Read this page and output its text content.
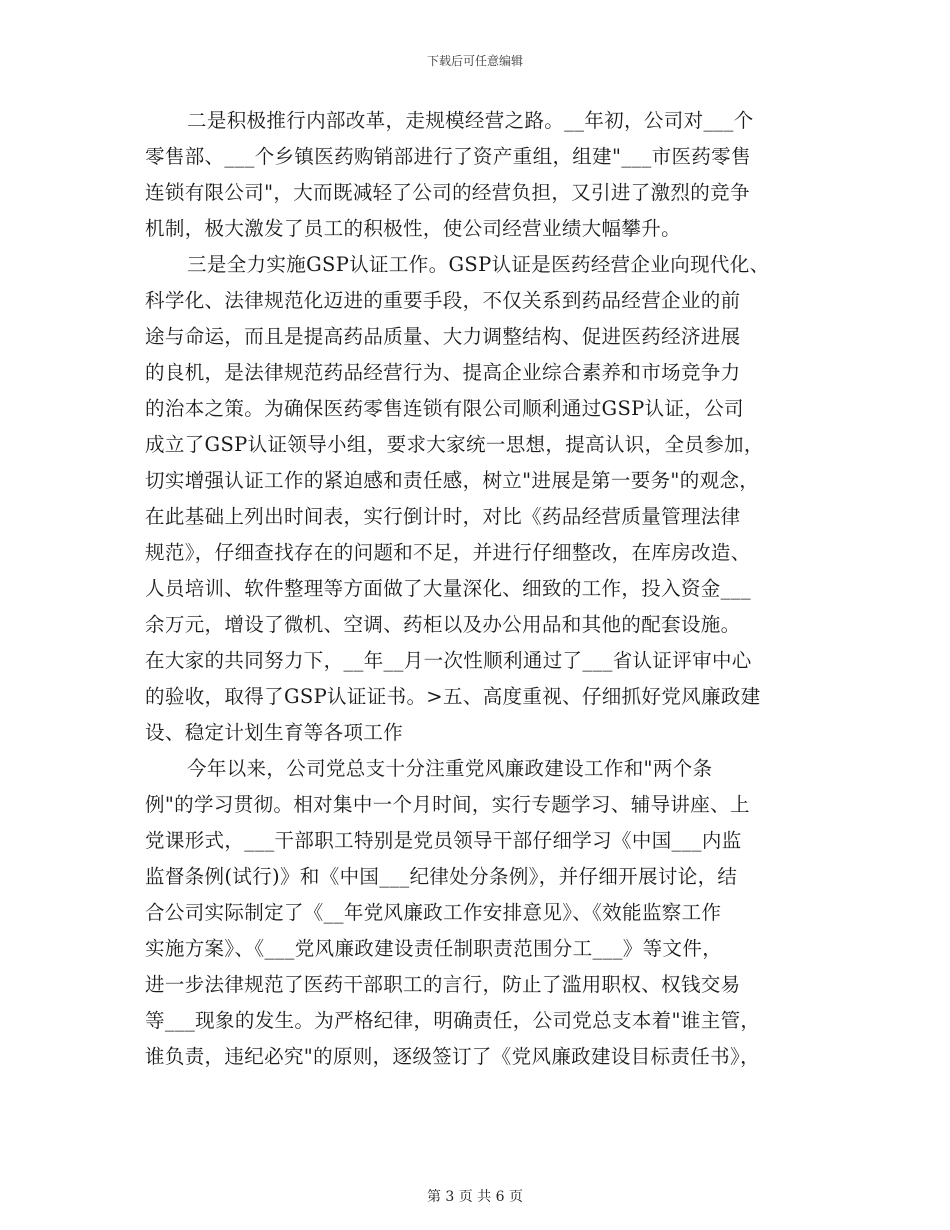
下载后可任意编辑
二是积极推行内部改革，走规模经营之路。__年初，公司对___个
零售部、___个乡镇医药购销部进行了资产重组，组建"___市医药零售
连锁有限公司"，大而既减轻了公司的经营负担，又引进了激烈的竞争
机制，极大激发了员工的积极性，使公司经营业绩大幅攀升。
三是全力实施GSP认证工作。GSP认证是医药经营企业向现代化、
科学化、法律规范化迈进的重要手段，不仅关系到药品经营企业的前
途与命运，而且是提高药品质量、大力调整结构、促进医药经济进展
的良机，是法律规范药品经营行为、提高企业综合素养和市场竞争力
的治本之策。为确保医药零售连锁有限公司顺利通过GSP认证，公司
成立了GSP认证领导小组，要求大家统一思想，提高认识，全员参加，
切实增强认证工作的紧迫感和责任感，树立"进展是第一要务"的观念，
在此基础上列出时间表，实行倒计时，对比《药品经营质量管理法律
规范》，仔细查找存在的问题和不足，并进行仔细整改，在库房改造、
人员培训、软件整理等方面做了大量深化、细致的工作，投入资金___
余万元，增设了微机、空调、药柜以及办公用品和其他的配套设施。
在大家的共同努力下，__年__月一次性顺利通过了___省认证评审中心
的验收，取得了GSP认证证书。>五、高度重视、仔细抓好党风廉政建
设、稳定计划生育等各项工作
今年以来，公司党总支十分注重党风廉政建设工作和"两个条
例"的学习贯彻。相对集中一个月时间，实行专题学习、辅导讲座、上
党课形式，___干部职工特别是党员领导干部仔细学习《中国___内监
监督条例(试行)》和《中国___纪律处分条例》，并仔细开展讨论，结
合公司实际制定了《__年党风廉政工作安排意见》、《效能监察工作
实施方案》、《___党风廉政建设责任制职责范围分工___》等文件，
进一步法律规范了医药干部职工的言行，防止了滥用职权、权钱交易
等___现象的发生。为严格纪律，明确责任，公司党总支本着"谁主管，
谁负责，违纪必究"的原则，逐级签订了《党风廉政建设目标责任书》，
第 3 页 共 6 页
